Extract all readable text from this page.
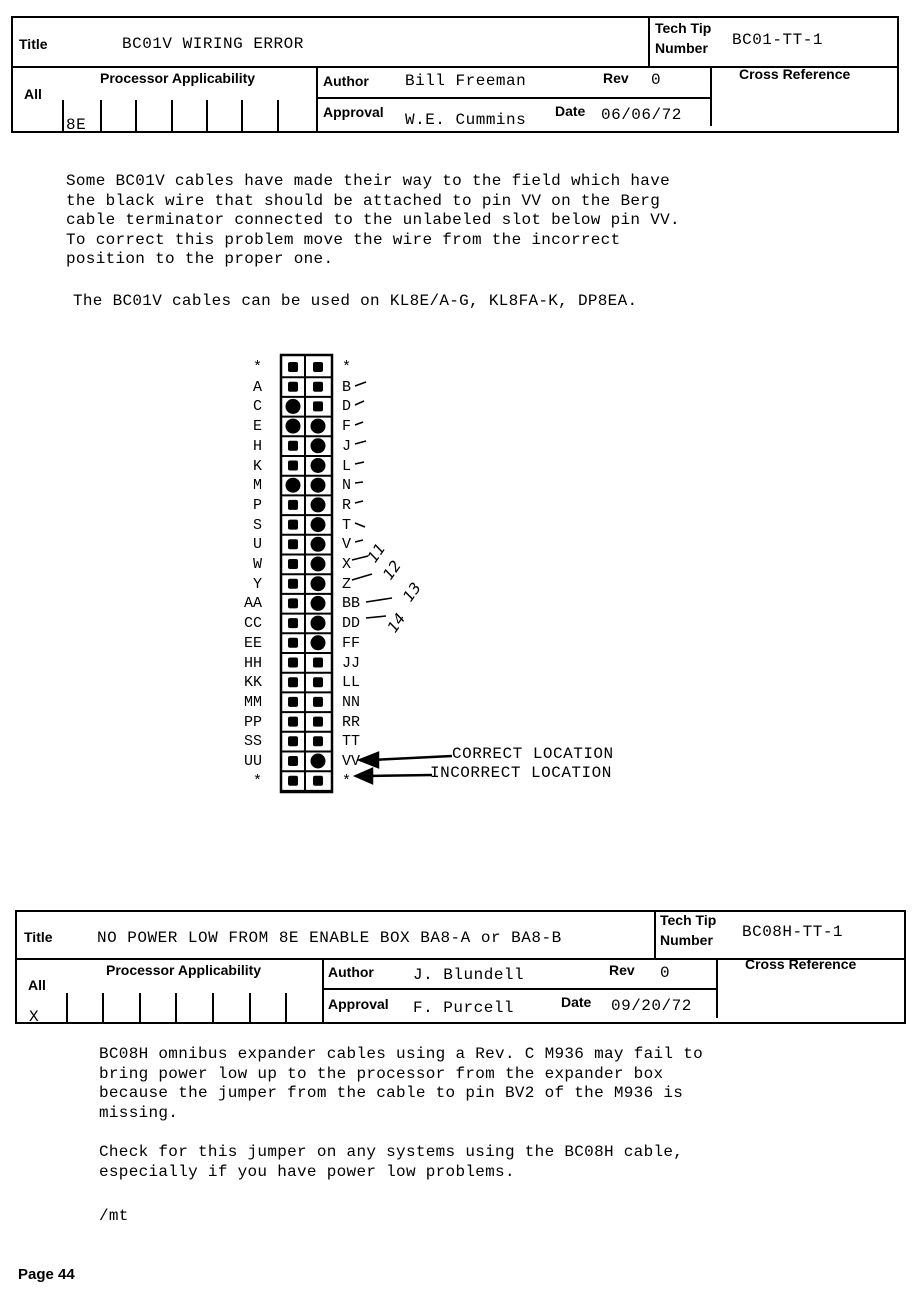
Title	BC01V WIRING ERROR
Tech Tip
Number BC01-TT-1
Processor Applicability
All
8E
Author Bill Freeman	Rev 0	Cross Reference
Approval W.E. Cummins Date 06/06/72
Some BC01V cables have made their way to the field which have
the black wire that should be attached to pin VV on the Berg
cable terminator connected to the unlabeled slot below pin VV.
To correct this problem move the wire from the incorrect
position to the proper one.
The BC01V cables can be used on KL8E/A-G, KL8FA-K, DP8EA.
11
12
13
14
*	*
A	B
C	D
E	F
H	J
K	L
M	N
P	R
S	T
U	V
W	X
Y	Z
AA	BB
CC	DD
EE	FF
HH	JJ
KK	LL
MM	NN
PP	RR
SS	TT
UU	VV
*	*
CORRECT LOCATION
INCORRECT LOCATION
Title	NO POWER LOW FROM 8E ENABLE BOX BA8-A or BA8-B
Tech Tip
Number BC08H-TT-1
Processor Applicability
All
X
Author J. Blundell	Rev 0	Cross Reference
Approval F. Purcell	Date 09/20/72
BC08H omnibus expander cables using a Rev. C M936 may fail to
bring power low up to the processor from the expander box
because the jumper from the cable to pin BV2 of the M936 is
missing.
Check for this jumper on any systems using the BC08H cable,
especially if you have power low problems.
/mt
Page 44
